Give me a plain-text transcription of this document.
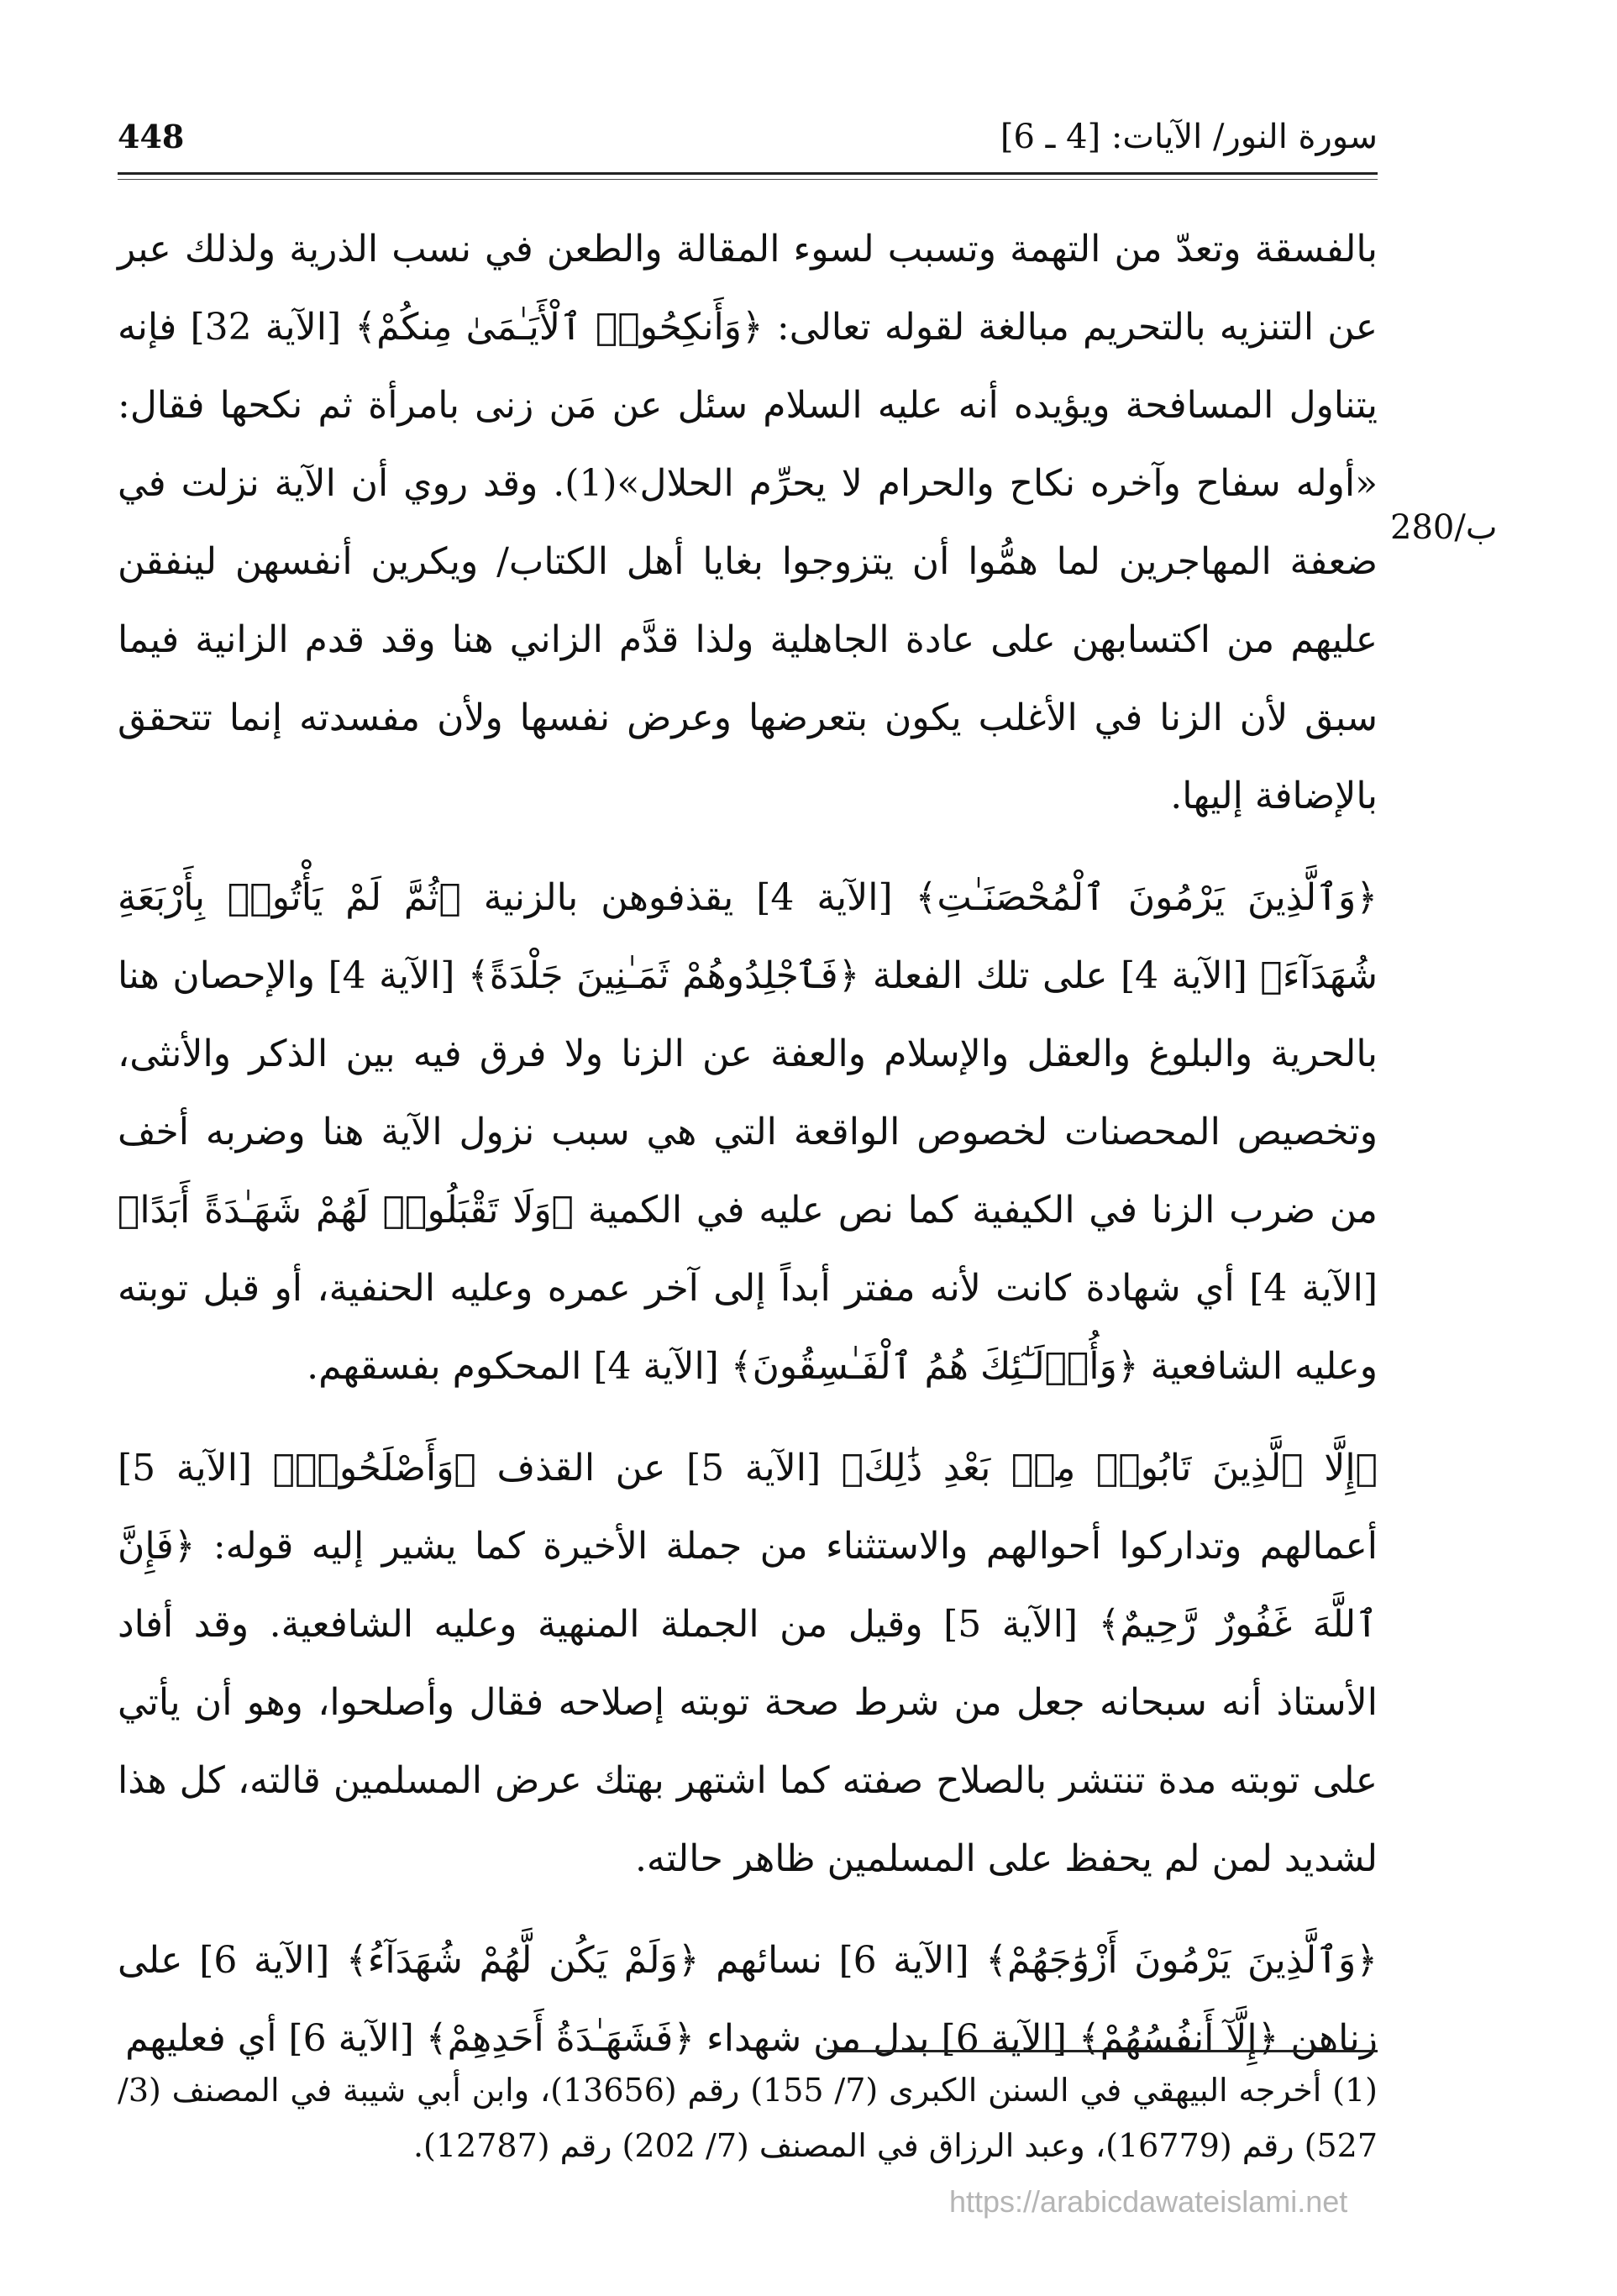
448	سورة النور/ الآيات: [4 ـ 6]
280/ب

بالفسقة وتعدّ من التهمة وتسبب لسوء المقالة والطعن في نسب الذرية ولذلك عبر عن التنزيه بالتحريم مبالغة لقوله تعالى: ﴿وَأَنكِحُوا۟ ٱلْأَيَـٰمَىٰ مِنكُمْ﴾ [الآية 32] فإنه يتناول المسافحة ويؤيده أنه عليه السلام سئل عن مَن زنى بامرأة ثم نكحها فقال: «أوله سفاح وآخره نكاح والحرام لا يحرِّم الحلال»(1). وقد روي أن الآية نزلت في ضعفة المهاجرين لما همُّوا أن يتزوجوا بغايا أهل الكتاب/ ويكرين أنفسهن لينفقن عليهم من اكتسابهن على عادة الجاهلية ولذا قدَّم الزاني هنا وقد قدم الزانية فيما سبق لأن الزنا في الأغلب يكون بتعرضها وعرض نفسها ولأن مفسدته إنما تتحقق بالإضافة إليها.

﴿وَٱلَّذِينَ يَرْمُونَ ٱلْمُحْصَنَـٰتِ﴾ [الآية 4] يقذفوهن بالزنية ﴿ثُمَّ لَمْ يَأْتُوا۟ بِأَرْبَعَةِ شُهَدَآءَ﴾ [الآية 4] على تلك الفعلة ﴿فَٱجْلِدُوهُمْ ثَمَـٰنِينَ جَلْدَةً﴾ [الآية 4] والإحصان هنا بالحرية والبلوغ والعقل والإسلام والعفة عن الزنا ولا فرق فيه بين الذكر والأنثى، وتخصيص المحصنات لخصوص الواقعة التي هي سبب نزول الآية هنا وضربه أخف من ضرب الزنا في الكيفية كما نص عليه في الكمية ﴿وَلَا تَقْبَلُوا۟ لَهُمْ شَهَـٰدَةً أَبَدًا﴾ [الآية 4] أي شهادة كانت لأنه مفتر أبداً إلى آخر عمره وعليه الحنفية، أو قبل توبته وعليه الشافعية ﴿وَأُو۟لَـٰٓئِكَ هُمُ ٱلْفَـٰسِقُونَ﴾ [الآية 4] المحكوم بفسقهم.

﴿إِلَّا ٱلَّذِينَ تَابُوا۟ مِنۢ بَعْدِ ذَٰلِكَ﴾ [الآية 5] عن القذف ﴿وَأَصْلَحُوا۟﴾ [الآية 5] أعمالهم وتداركوا أحوالهم والاستثناء من جملة الأخيرة كما يشير إليه قوله: ﴿فَإِنَّ ٱللَّهَ غَفُورٌ رَّحِيمٌ﴾ [الآية 5] وقيل من الجملة المنهية وعليه الشافعية. وقد أفاد الأستاذ أنه سبحانه جعل من شرط صحة توبته إصلاحه فقال وأصلحوا، وهو أن يأتي على توبته مدة تنتشر بالصلاح صفته كما اشتهر بهتك عرض المسلمين قالته، كل هذا لشديد لمن لم يحفظ على المسلمين ظاهر حالته.

﴿وَٱلَّذِينَ يَرْمُونَ أَزْوَٰجَهُمْ﴾ [الآية 6] نسائهم ﴿وَلَمْ يَكُن لَّهُمْ شُهَدَآءُ﴾ [الآية 6] على زناهن ﴿إِلَّآ أَنفُسُهُمْ﴾ [الآية 6] بدل من شهداء ﴿فَشَهَـٰدَةُ أَحَدِهِمْ﴾ [الآية 6] أي فعليهم

(1) أخرجه البيهقي في السنن الكبرى (7/ 155) رقم (13656)، وابن أبي شيبة في المصنف (3/ 527) رقم (16779)، وعبد الرزاق في المصنف (7/ 202) رقم (12787).
https://arabicdawateislami.net
